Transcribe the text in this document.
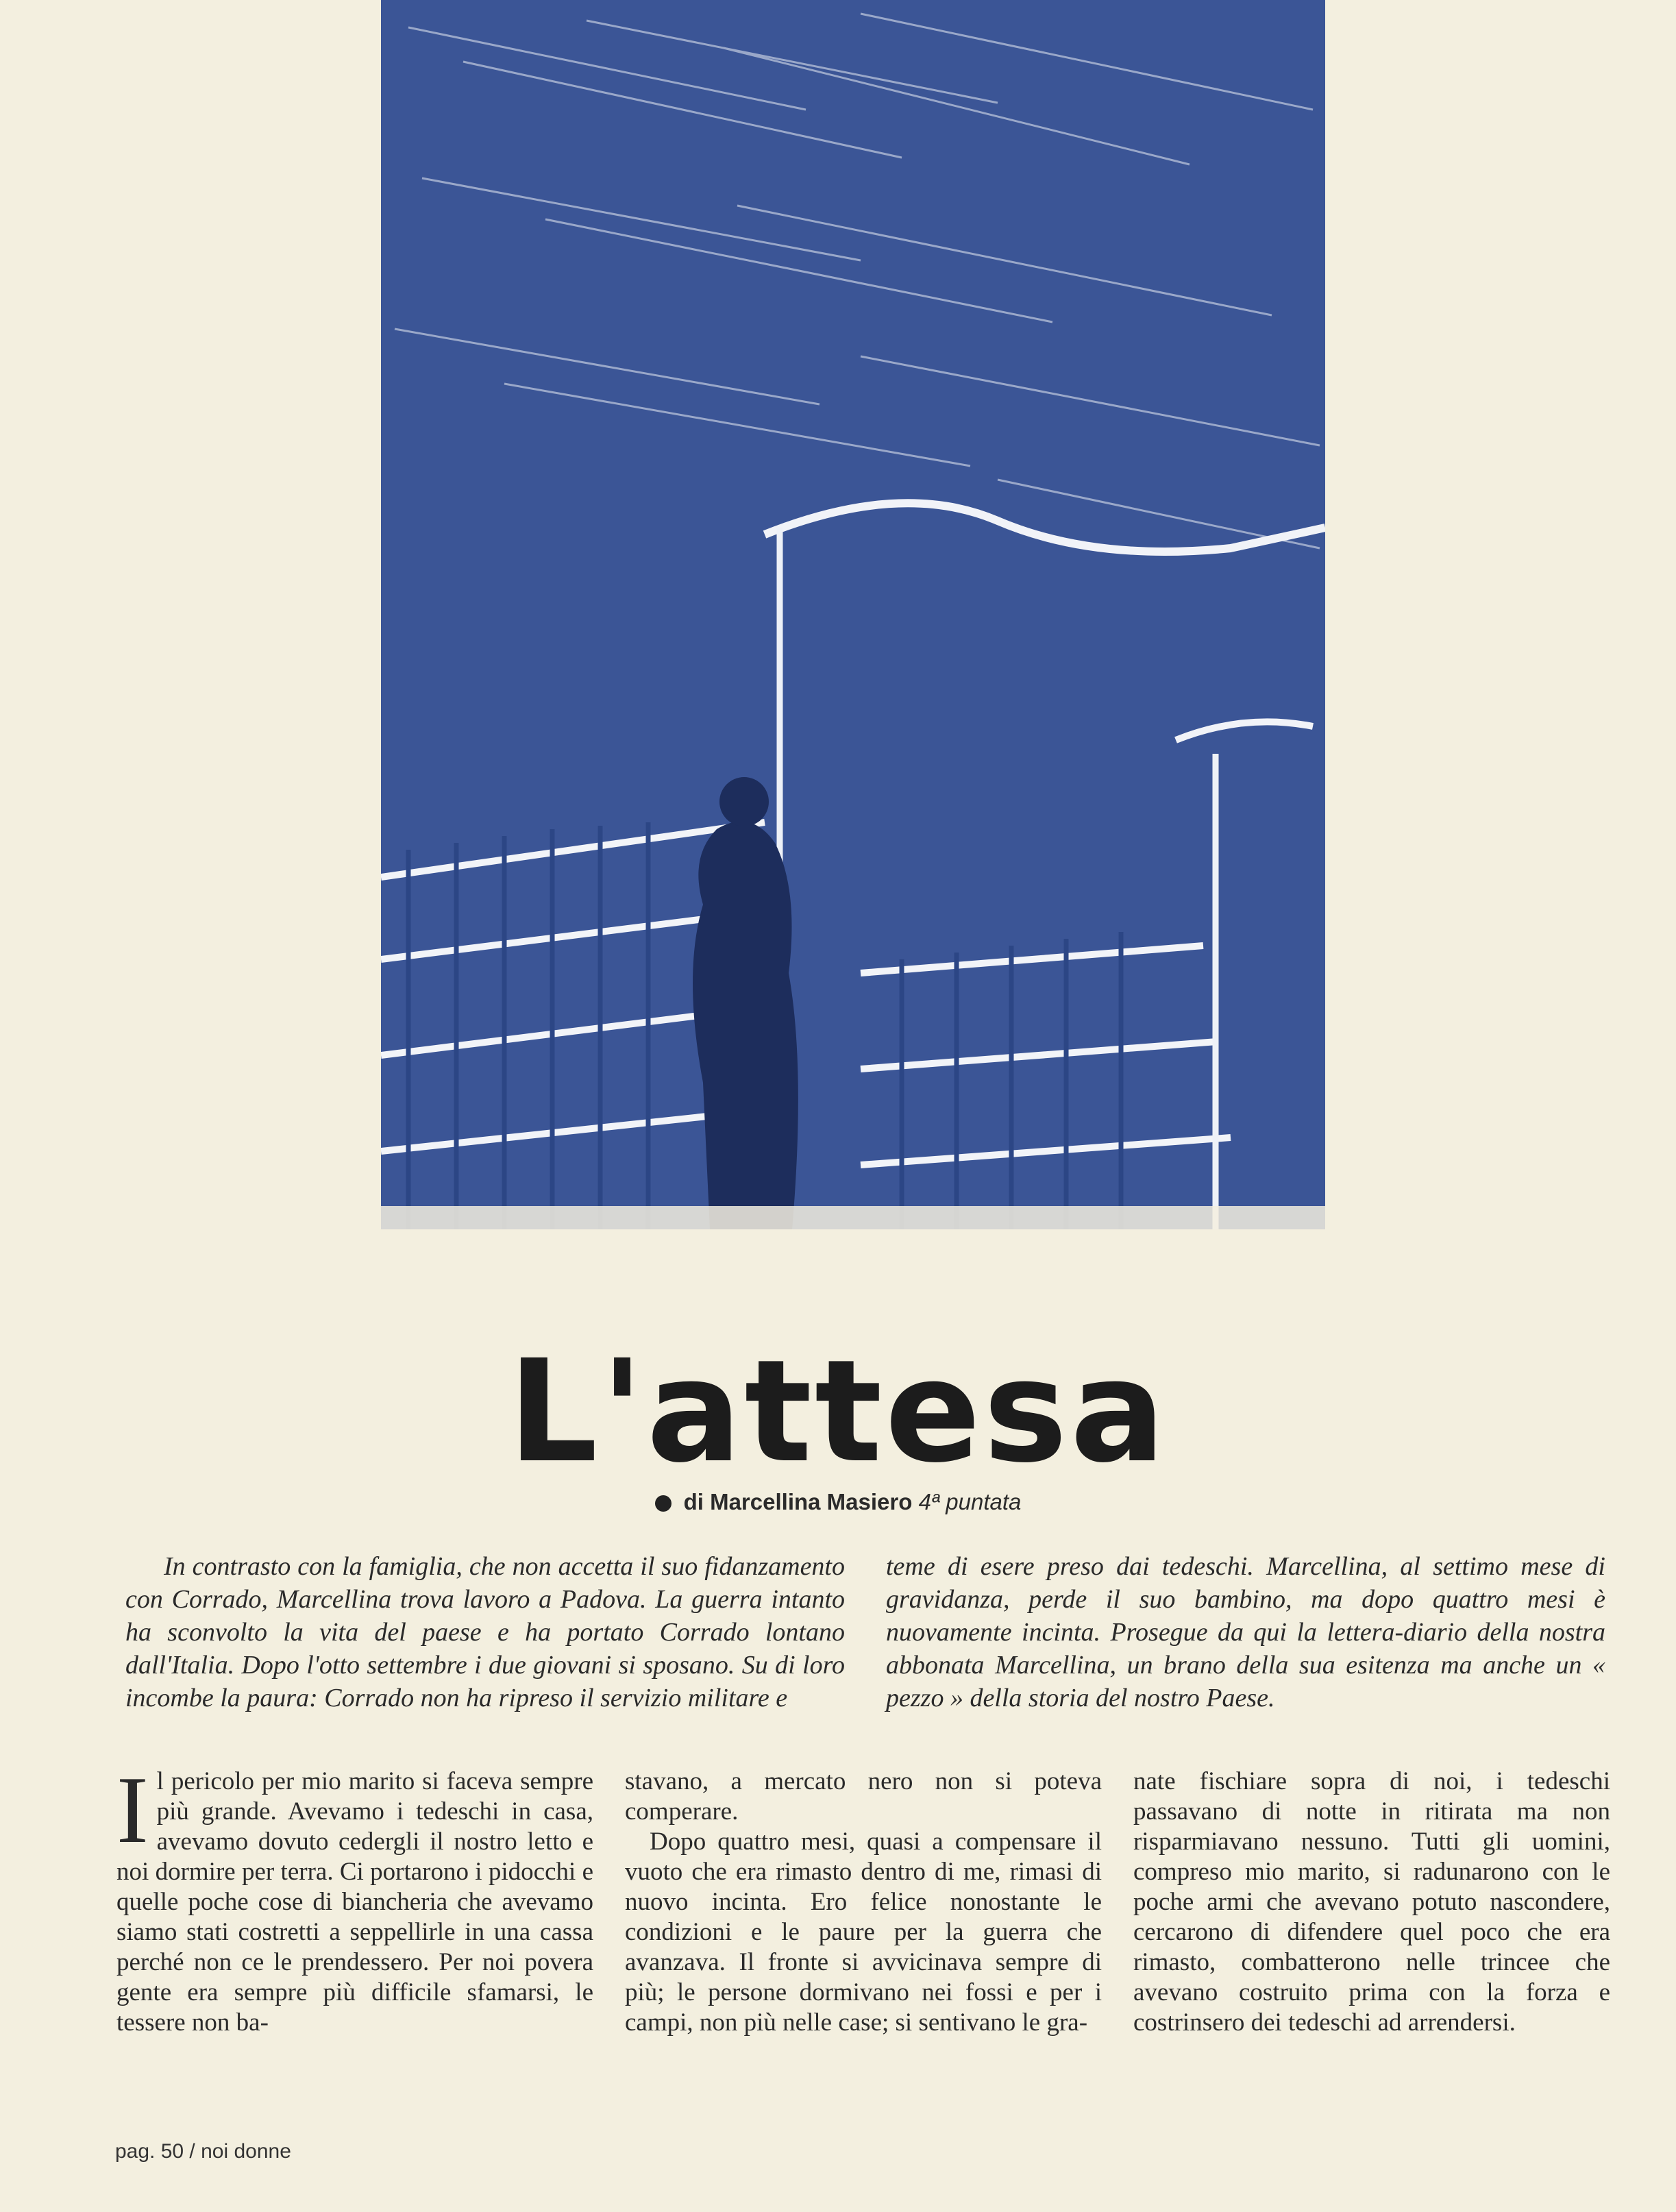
L'attesa
di Marcellina Masiero 4ª puntata

In contrasto con la famiglia, che non accetta il suo fidanzamento con Corrado, Marcellina trova lavoro a Padova. La guerra intanto ha sconvolto la vita del paese e ha portato Corrado lontano dall'Italia. Dopo l'otto settembre i due giovani si sposano. Su di loro incombe la paura: Corrado non ha ripreso il servizio militare e

teme di esere preso dai tedeschi. Marcellina, al settimo mese di gravidanza, perde il suo bambino, ma dopo quattro mesi è nuovamente incinta. Prosegue da qui la lettera-diario della nostra abbonata Marcellina, un brano della sua esitenza ma anche un « pezzo » della storia del nostro Paese.

I l pericolo per mio marito si faceva sempre più grande. Avevamo i tedeschi in casa, avevamo dovuto cedergli il nostro letto e noi dormire per terra. Ci portarono i pidocchi e quelle poche cose di biancheria che avevamo siamo stati costretti a seppellirle in una cassa perché non ce le prendessero. Per noi povera gente era sempre più difficile sfamarsi, le tessere non ba-

stavano, a mercato nero non si poteva comperare.

Dopo quattro mesi, quasi a compensare il vuoto che era rimasto dentro di me, rimasi di nuovo incinta. Ero felice nonostante le condizioni e le paure per la guerra che avanzava. Il fronte si avvicinava sempre di più; le persone dormivano nei fossi e per i campi, non più nelle case; si sentivano le gra-

nate fischiare sopra di noi, i tedeschi passavano di notte in ritirata ma non risparmiavano nessuno. Tutti gli uomini, compreso mio marito, si radunarono con le poche armi che avevano potuto nascondere, cercarono di difendere quel poco che era rimasto, combatterono nelle trincee che avevano costruito prima con la forza e costrinsero dei tedeschi ad arrendersi.

pag. 50 / noi donne
